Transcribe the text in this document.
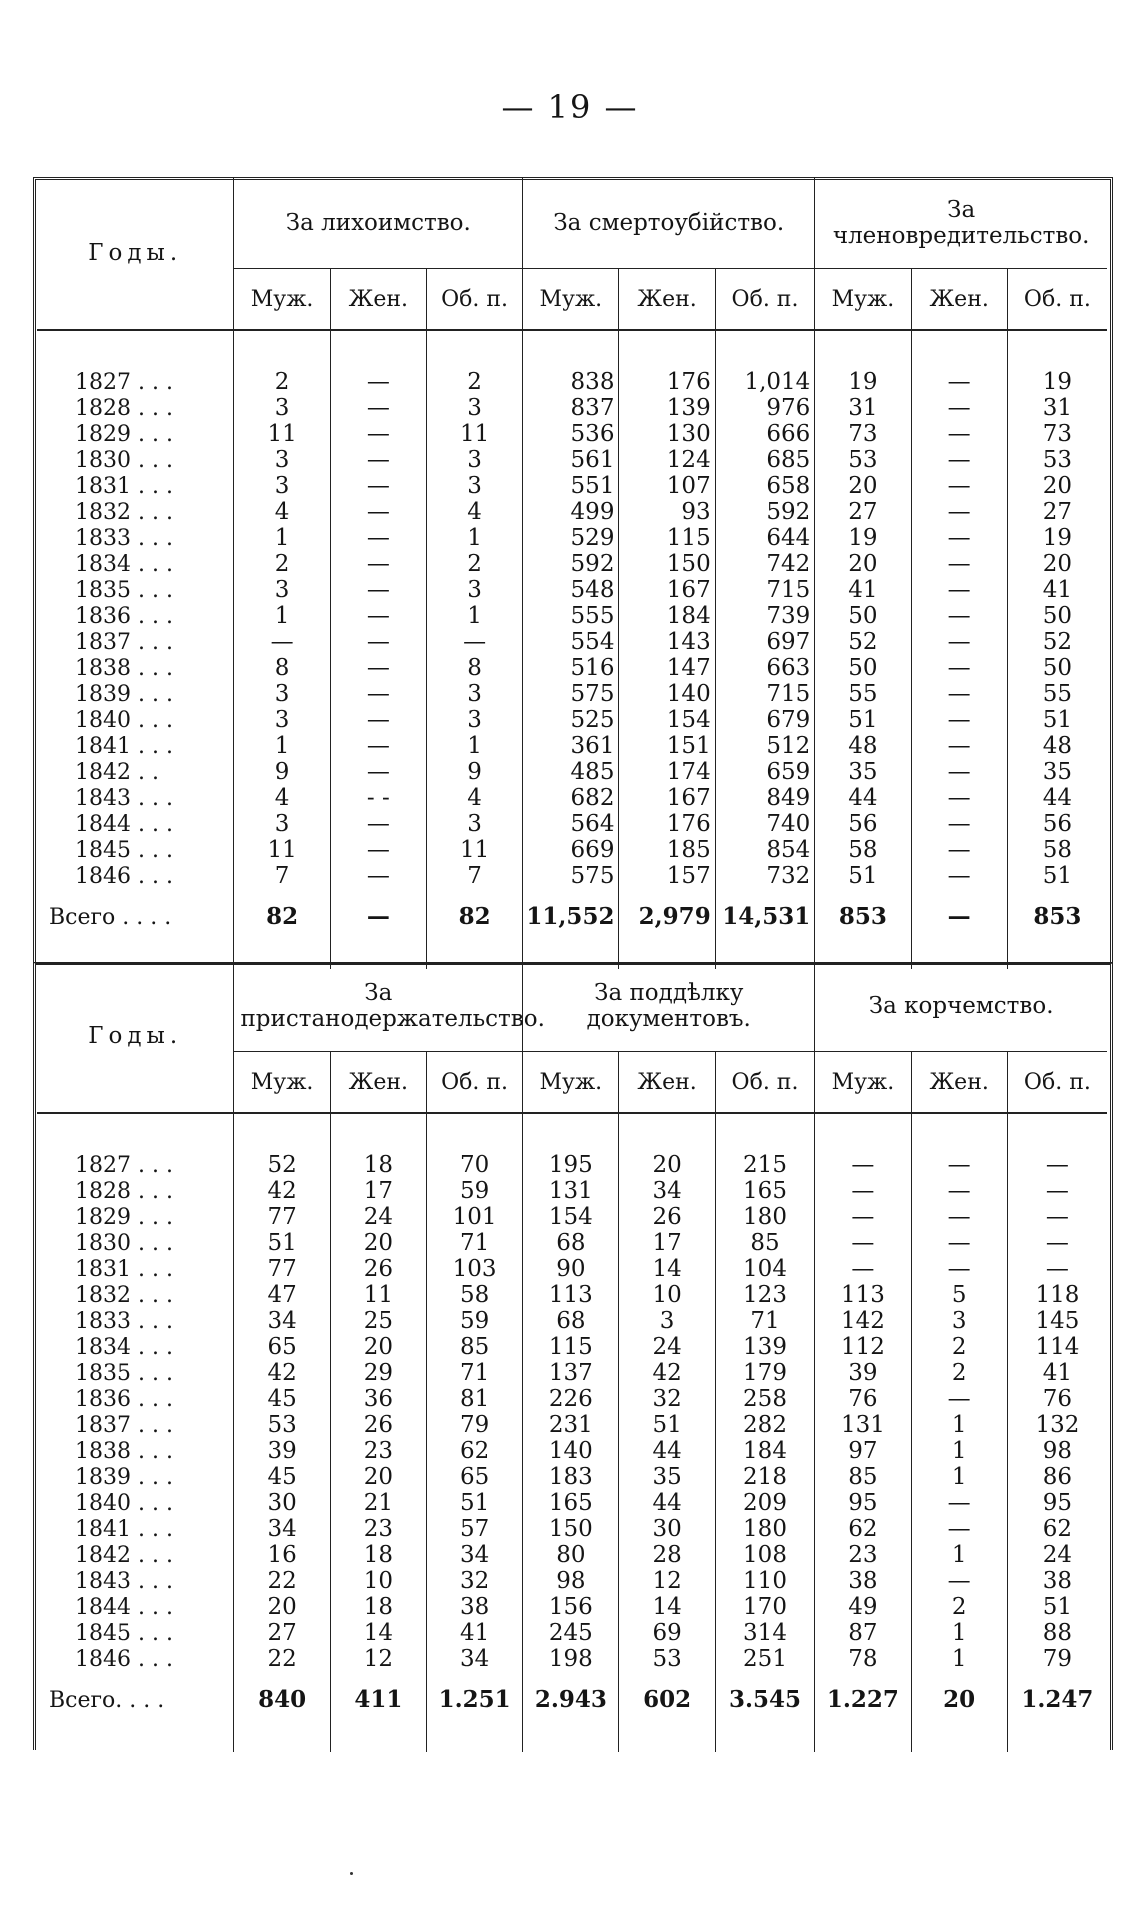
— 19 —
Годы.	За лихоимство.			За смертоубійство.			За членовредительство.		
	Муж.	Жен.	Об. п.	Муж.	Жен.	Об. п.	Муж.	Жен.	Об. п.

1827 . . .	2	—	2	838	176	1,014	19	—	19
1828 . . .	3	—	3	837	139	976	31	—	31
1829 . . .	11	—	11	536	130	666	73	—	73
1830 . . .	3	—	3	561	124	685	53	—	53
1831 . . .	3	—	3	551	107	658	20	—	20
1832 . . .	4	—	4	499	93	592	27	—	27
1833 . . .	1	—	1	529	115	644	19	—	19
1834 . . .	2	—	2	592	150	742	20	—	20
1835 . . .	3	—	3	548	167	715	41	—	41
1836 . . .	1	—	1	555	184	739	50	—	50
1837 . . .	—	—	—	554	143	697	52	—	52
1838 . . .	8	—	8	516	147	663	50	—	50
1839 . . .	3	—	3	575	140	715	55	—	55
1840 . . .	3	—	3	525	154	679	51	—	51
1841 . . .	1	—	1	361	151	512	48	—	48
1842 . .	9	—	9	485	174	659	35	—	35
1843 . . .	4	- -	4	682	167	849	44	—	44
1844 . . .	3	—	3	564	176	740	56	—	56
1845 . . .	11	—	11	669	185	854	58	—	58
1846 . . .	7	—	7	575	157	732	51	—	51
Всего . . . .	82	—	82	11,552	2,979	14,531	853	—	853

Годы.	За пристанодержательство.			За поддѣлку документовъ.			За корчемство.		
	Муж.	Жен.	Об. п.	Муж.	Жен.	Об. п.	Муж.	Жен.	Об. п.

1827 . . .	52	18	70	195	20	215	—	—	—
1828 . . .	42	17	59	131	34	165	—	—	—
1829 . . .	77	24	101	154	26	180	—	—	—
1830 . . .	51	20	71	68	17	85	—	—	—
1831 . . .	77	26	103	90	14	104	—	—	—
1832 . . .	47	11	58	113	10	123	113	5	118
1833 . . .	34	25	59	68	3	71	142	3	145
1834 . . .	65	20	85	115	24	139	112	2	114
1835 . . .	42	29	71	137	42	179	39	2	41
1836 . . .	45	36	81	226	32	258	76	—	76
1837 . . .	53	26	79	231	51	282	131	1	132
1838 . . .	39	23	62	140	44	184	97	1	98
1839 . . .	45	20	65	183	35	218	85	1	86
1840 . . .	30	21	51	165	44	209	95	—	95
1841 . . .	34	23	57	150	30	180	62	—	62
1842 . . .	16	18	34	80	28	108	23	1	24
1843 . . .	22	10	32	98	12	110	38	—	38
1844 . . .	20	18	38	156	14	170	49	2	51
1845 . . .	27	14	41	245	69	314	87	1	88
1846 . . .	22	12	34	198	53	251	78	1	79
Всего. . . .	840	411	1.251	2.943	602	3.545	1.227	20	1.247
